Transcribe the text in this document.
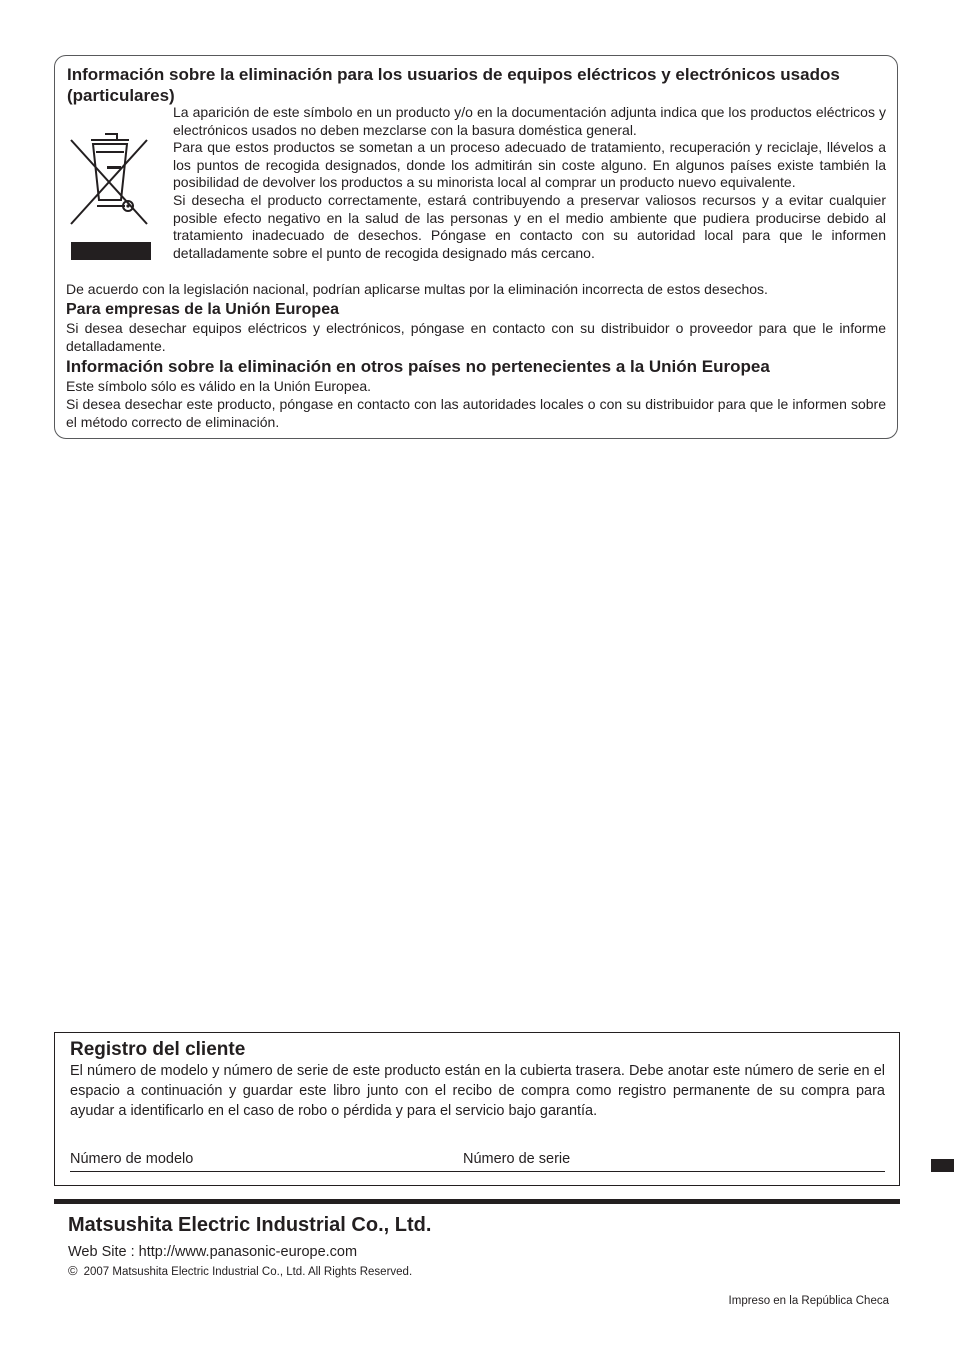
Información sobre la eliminación para los usuarios de equipos eléctricos y electrónicos usados (particulares)

La aparición de este símbolo en un producto y/o en la documentación adjunta indica que los productos eléctricos y electrónicos usados no deben mezclarse con la basura doméstica general.

Para que estos productos se sometan a un proceso adecuado de tratamiento, recuperación y reciclaje, llévelos a los puntos de recogida designados, donde los admitirán sin coste alguno. En algunos países existe también la posibilidad de devolver los productos a su minorista local al comprar un producto nuevo equivalente.

Si desecha el producto correctamente, estará contribuyendo a preservar valiosos recursos y a evitar cualquier posible efecto negativo en la salud de las personas y en el medio ambiente que pudiera producirse debido al tratamiento inadecuado de desechos. Póngase en contacto con su autoridad local para que le informen detalladamente sobre el punto de recogida designado más cercano.

De acuerdo con la legislación nacional, podrían aplicarse multas por la eliminación incorrecta de estos desechos.

Para empresas de la Unión Europea

Si desea desechar equipos eléctricos y electrónicos, póngase en contacto con su distribuidor o proveedor para que le informe detalladamente.

Información sobre la eliminación en otros países no pertenecientes a la Unión Europea

Este símbolo sólo es válido en la Unión Europea.

Si desea desechar este producto, póngase en contacto con las autoridades locales o con su distribuidor para que le informen sobre el método correcto de eliminación.

Registro del cliente

El número de modelo y número de serie de este producto están en la cubierta trasera. Debe anotar este número de serie en el espacio a continuación y guardar este libro junto con el recibo de compra como registro permanente de su compra para ayudar a identificarlo en el caso de robo o pérdida y para el servicio bajo garantía.

Número de modelo	Número de serie
Matsushita Electric Industrial Co., Ltd.
Web Site : http://www.panasonic-europe.com
© 2007 Matsushita Electric Industrial Co., Ltd. All Rights Reserved.
Impreso en la República Checa
